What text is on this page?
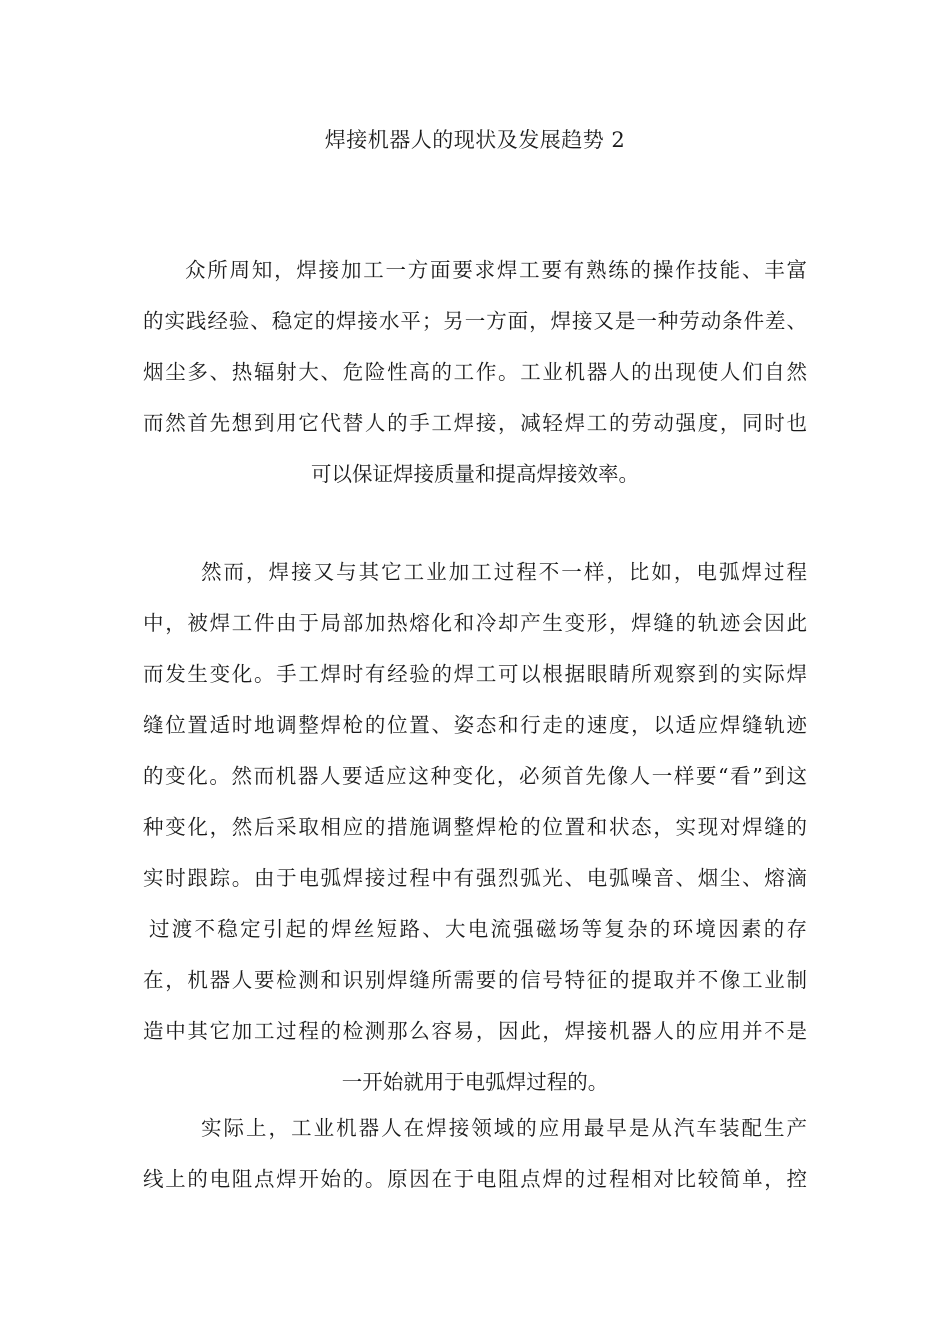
焊接机器人的现状及发展趋势 2
众所周知，焊接加工一方面要求焊工要有熟练的操作技能、丰富
的实践经验、稳定的焊接水平；另一方面，焊接又是一种劳动条件差、
烟尘多、热辐射大、危险性高的工作。工业机器人的出现使人们自然
而然首先想到用它代替人的手工焊接，减轻焊工的劳动强度，同时也
可以保证焊接质量和提高焊接效率。
然而，焊接又与其它工业加工过程不一样，比如，电弧焊过程
中，被焊工件由于局部加热熔化和冷却产生变形，焊缝的轨迹会因此
而发生变化。手工焊时有经验的焊工可以根据眼睛所观察到的实际焊
缝位置适时地调整焊枪的位置、姿态和行走的速度，以适应焊缝轨迹
的变化。然而机器人要适应这种变化，必须首先像人一样要“看”到这
种变化，然后采取相应的措施调整焊枪的位置和状态，实现对焊缝的
实时跟踪。由于电弧焊接过程中有强烈弧光、电弧噪音、烟尘、熔滴
过渡不稳定引起的焊丝短路、大电流强磁场等复杂的环境因素的存
在，机器人要检测和识别焊缝所需要的信号特征的提取并不像工业制
造中其它加工过程的检测那么容易，因此，焊接机器人的应用并不是
一开始就用于电弧焊过程的。
实际上，工业机器人在焊接领域的应用最早是从汽车装配生产
线上的电阻点焊开始的。原因在于电阻点焊的过程相对比较简单，控
